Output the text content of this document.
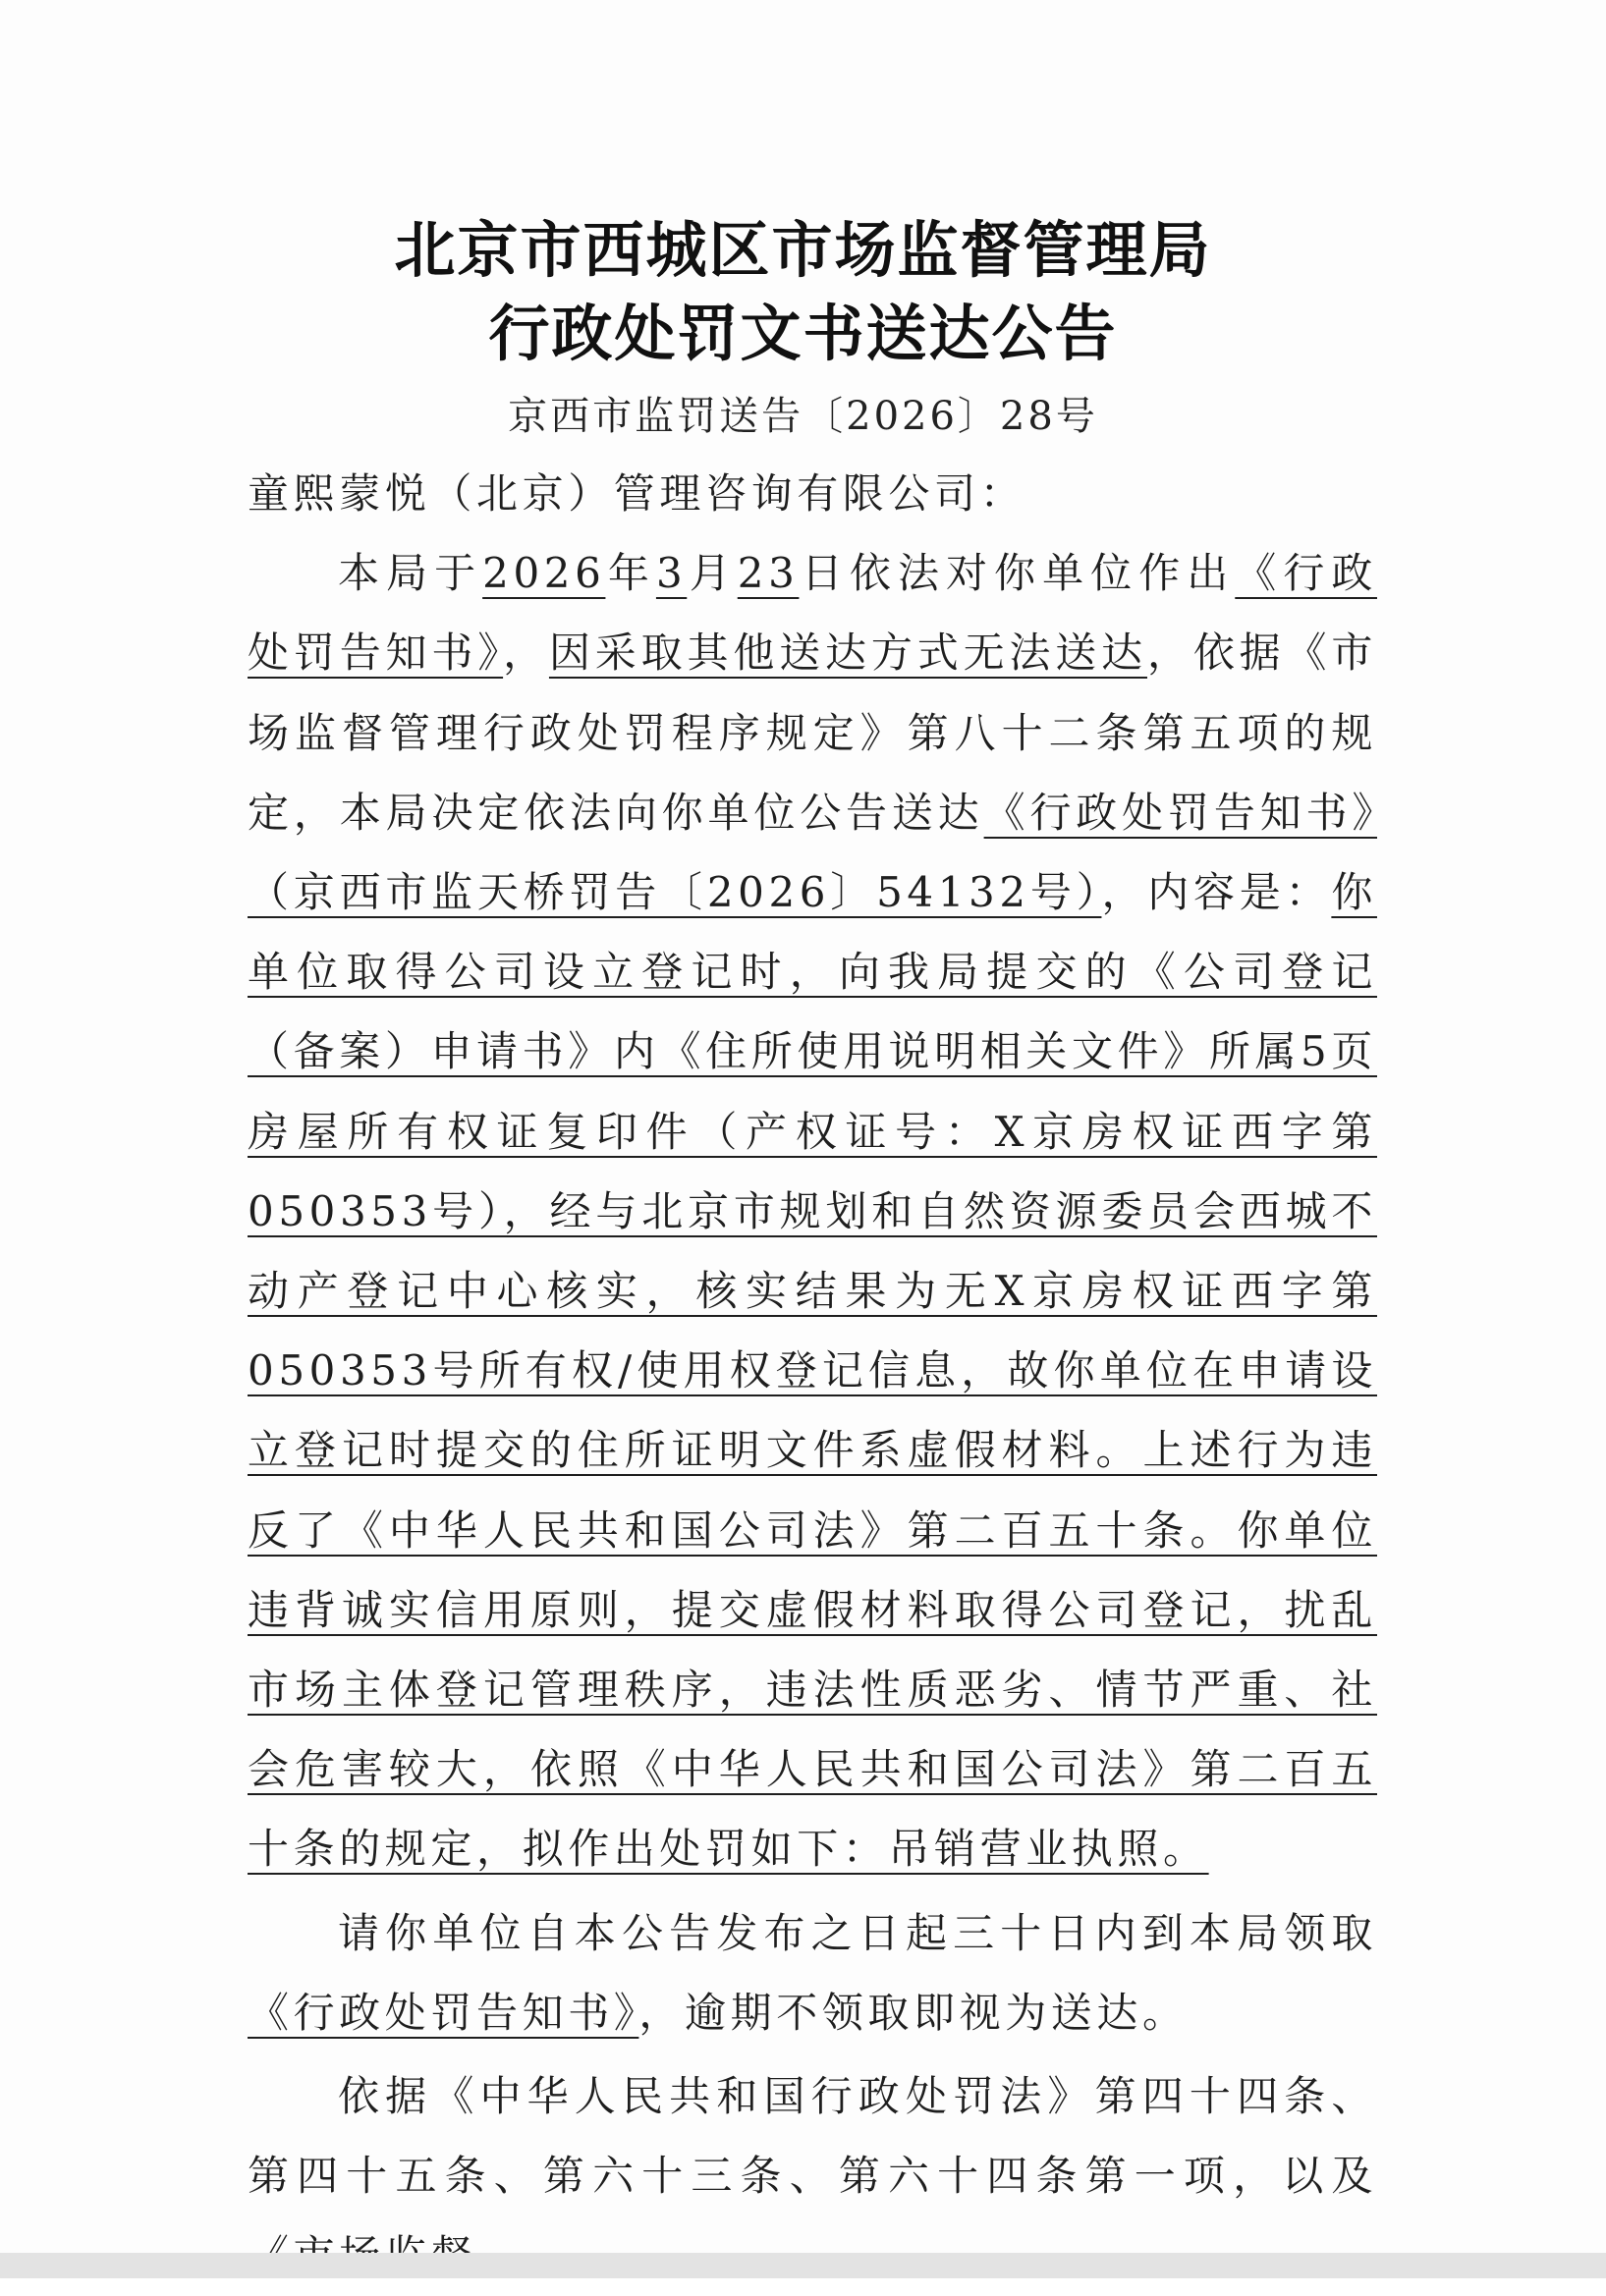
北京市西城区市场监督管理局
行政处罚文书送达公告
京西市监罚送告〔2026〕28号

童熙蒙悦（北京）管理咨询有限公司：

本局于2026年3月23日依法对你单位作出《行政处罚告知书》，因采取其他送达方式无法送达，依据《市场监督管理行政处罚程序规定》第八十二条第五项的规定，本局决定依法向你单位公告送达《行政处罚告知书》（京西市监天桥罚告〔2026〕54132号），内容是：你单位取得公司设立登记时，向我局提交的《公司登记（备案）申请书》内《住所使用说明相关文件》所属5页房屋所有权证复印件（产权证号：X京房权证西字第050353号），经与北京市规划和自然资源委员会西城不动产登记中心核实，核实结果为无X京房权证西字第050353号所有权/使用权登记信息，故你单位在申请设立登记时提交的住所证明文件系虚假材料。上述行为违反了《中华人民共和国公司法》第二百五十条。你单位违背诚实信用原则，提交虚假材料取得公司登记，扰乱市场主体登记管理秩序，违法性质恶劣、情节严重、社会危害较大，依照《中华人民共和国公司法》第二百五十条的规定，拟作出处罚如下：吊销营业执照。

请你单位自本公告发布之日起三十日内到本局领取《行政处罚告知书》，逾期不领取即视为送达。

依据《中华人民共和国行政处罚法》第四十四条、第四十五条、第六十三条、第六十四条第一项，以及
